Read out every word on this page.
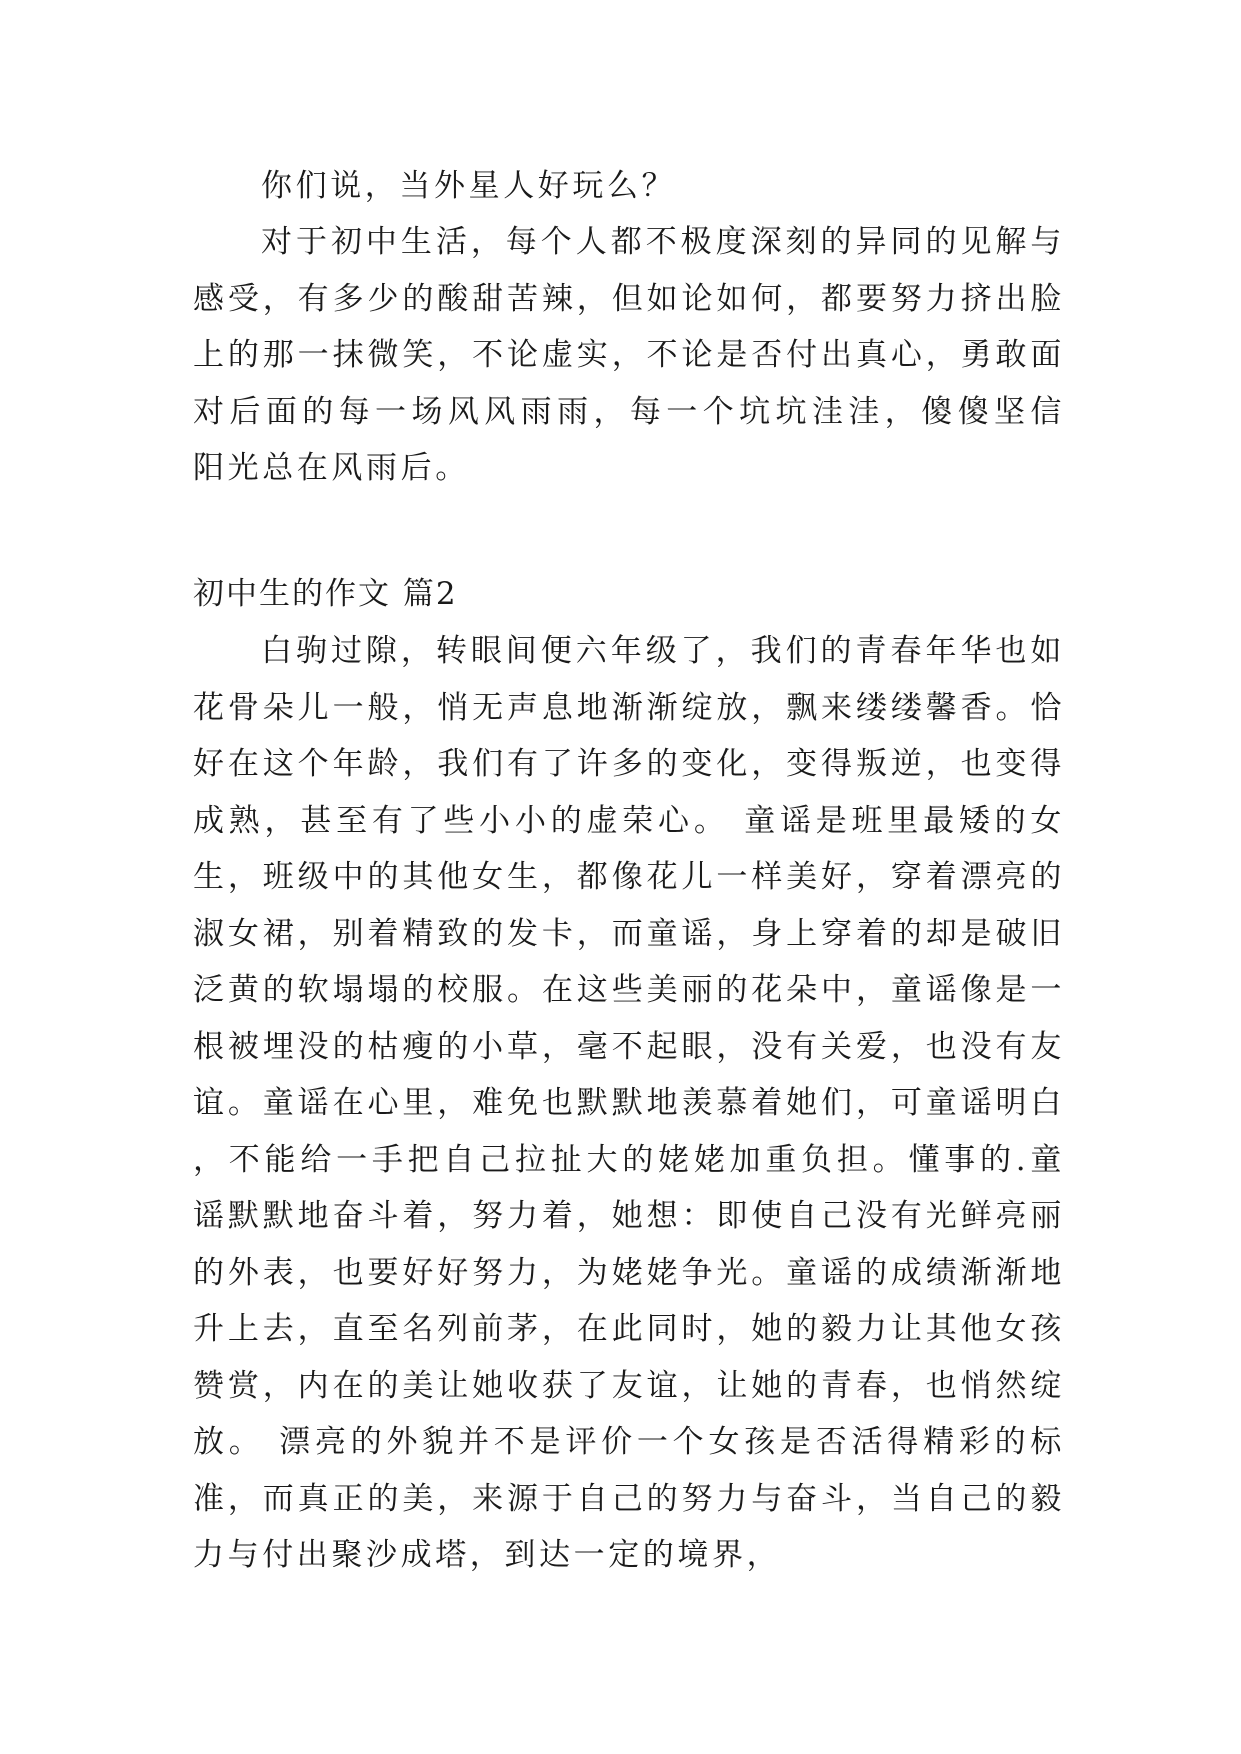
你们说，当外星人好玩么？

对于初中生活，每个人都不极度深刻的异同的见解与感受，有多少的酸甜苦辣，但如论如何，都要努力挤出脸上的那一抹微笑，不论虚实，不论是否付出真心，勇敢面对后面的每一场风风雨雨，每一个坑坑洼洼，傻傻坚信 阳光总在风雨后。

初中生的作文 篇2

白驹过隙，转眼间便六年级了，我们的青春年华也如花骨朵儿一般，悄无声息地渐渐绽放，飘来缕缕馨香。恰好在这个年龄，我们有了许多的变化，变得叛逆，也变得成熟，甚至有了些小小的虚荣心。 童谣是班里最矮的女生，班级中的其他女生，都像花儿一样美好，穿着漂亮的淑女裙，别着精致的发卡，而童谣，身上穿着的却是破旧泛黄的软塌塌的校服。在这些美丽的花朵中，童谣像是一根被埋没的枯瘦的小草，毫不起眼，没有关爱，也没有友谊。童谣在心里，难免也默默地羡慕着她们，可童谣明白，不能给一手把自己拉扯大的姥姥加重负担。懂事的.童谣默默地奋斗着，努力着，她想：即使自己没有光鲜亮丽的外表，也要好好努力，为姥姥争光。童谣的成绩渐渐地升上去，直至名列前茅，在此同时，她的毅力让其他女孩赞赏，内在的美让她收获了友谊，让她的青春，也悄然绽放。 漂亮的外貌并不是评价一个女孩是否活得精彩的标准，而真正的美，来源于自己的努力与奋斗，当自己的毅力与付出聚沙成塔，到达一定的境界，
